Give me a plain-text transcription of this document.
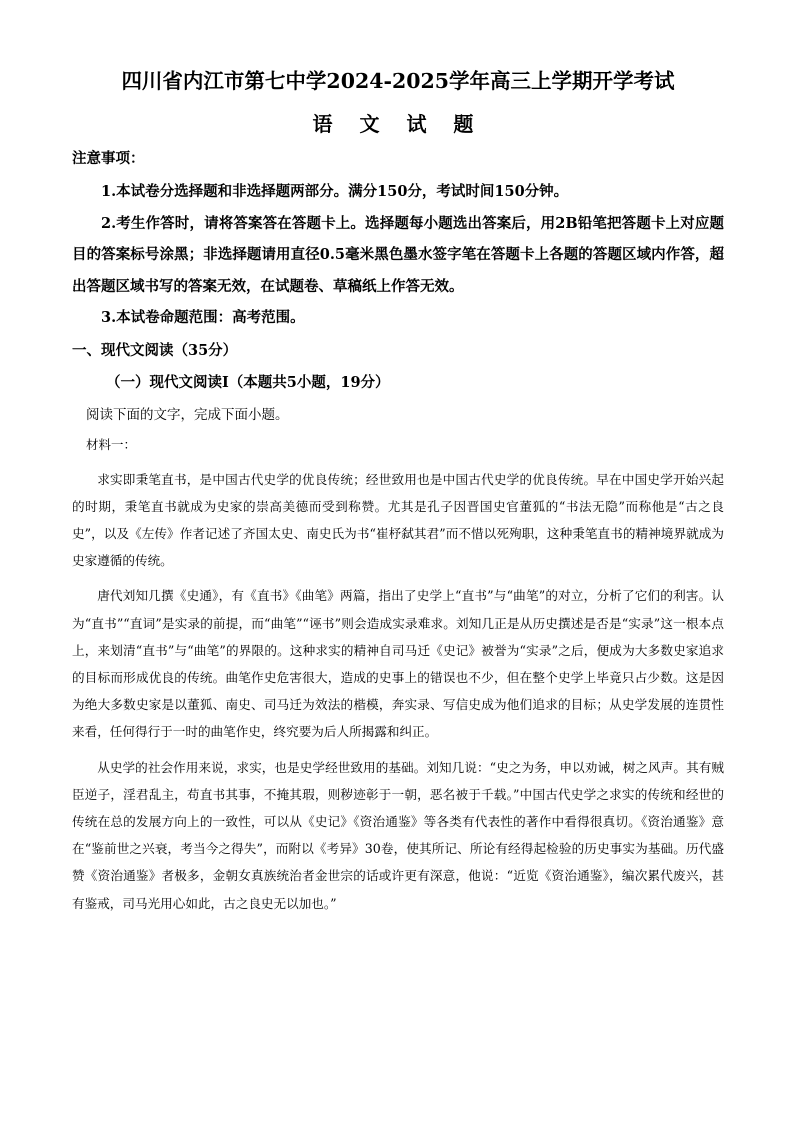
四川省内江市第七中学2024-2025学年高三上学期开学考试
语 文 试 题
注意事项：

1.本试卷分选择题和非选择题两部分。满分150分，考试时间150分钟。

2.考生作答时，请将答案答在答题卡上。选择题每小题选出答案后，用2B铅笔把答题卡上对应题目的答案标号涂黑；非选择题请用直径0.5毫米黑色墨水签字笔在答题卡上各题的答题区域内作答，超出答题区域书写的答案无效，在试题卷、草稿纸上作答无效。

3.本试卷命题范围：高考范围。

一、现代文阅读（35分）
（一）现代文阅读Ⅰ（本题共5小题，19分）
阅读下面的文字，完成下面小题。
材料一：

求实即秉笔直书，是中国古代史学的优良传统；经世致用也是中国古代史学的优良传统。早在中国史学开始兴起的时期，秉笔直书就成为史家的崇高美德而受到称赞。尤其是孔子因晋国史官董狐的“书法无隐”而称他是“古之良史”，以及《左传》作者记述了齐国太史、南史氏为书“崔杼弑其君”而不惜以死殉职，这种秉笔直书的精神境界就成为史家遵循的传统。

唐代刘知几撰《史通》，有《直书》《曲笔》两篇，指出了史学上“直书”与“曲笔”的对立，分析了它们的利害。认为“直书”“直词”是实录的前提，而“曲笔”“诬书”则会造成实录难求。刘知几正是从历史撰述是否是“实录”这一根本点上，来划清“直书”与“曲笔”的界限的。这种求实的精神自司马迁《史记》被誉为“实录”之后，便成为大多数史家追求的目标而形成优良的传统。曲笔作史危害很大，造成的史事上的错误也不少，但在整个史学上毕竟只占少数。这是因为绝大多数史家是以董狐、南史、司马迁为效法的楷模，奔实录、写信史成为他们追求的目标；从史学发展的连贯性来看，任何得行于一时的曲笔作史，终究要为后人所揭露和纠正。

从史学的社会作用来说，求实，也是史学经世致用的基础。刘知几说：“史之为务，申以劝诫，树之风声。其有贼臣逆子，淫君乱主，苟直书其事，不掩其瑕，则秽迹彰于一朝，恶名被于千载。”中国古代史学之求实的传统和经世的传统在总的发展方向上的一致性，可以从《史记》《资治通鉴》等各类有代表性的著作中看得很真切。《资治通鉴》意在“鉴前世之兴衰，考当今之得失”，而附以《考异》30卷，使其所记、所论有经得起检验的历史事实为基础。历代盛赞《资治通鉴》者极多，金朝女真族统治者金世宗的话或许更有深意，他说：“近览《资治通鉴》，编次累代废兴，甚有鉴戒，司马光用心如此，古之良史无以加也。”
